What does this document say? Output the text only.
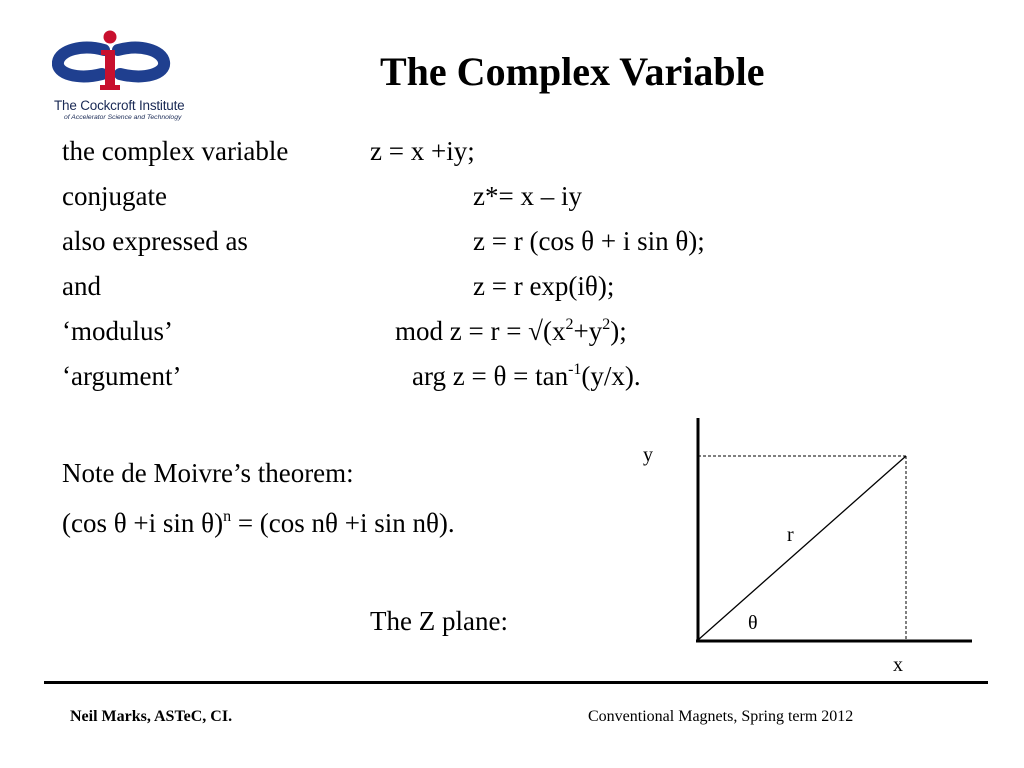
The Cockcroft Institute
of Accelerator Science and Technology
The Complex Variable
the complex variable	z = x +iy;
conjugate	z*= x – iy
also expressed as	z = r (cos θ + i sin θ);
and	z = r exp(iθ);
‘modulus’	mod $z = r = √(x^2+y^2)$;
‘argument’	arg $z = \theta = \tan^{-1}(y/x)$.
Note de Moivre’s theorem:
(cos θ +i sin θ)$^n$ = (cos nθ +i sin nθ).
The Z plane:
y
x
r
θ
Neil Marks, ASTeC, CI.	Conventional Magnets, Spring term 2012
